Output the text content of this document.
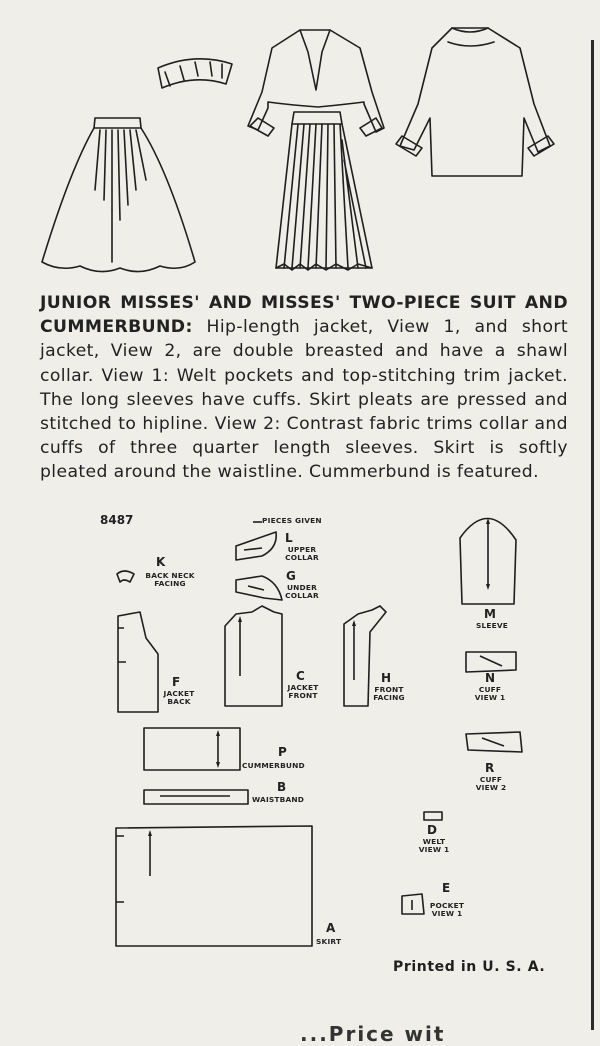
JUNIOR MISSES' AND MISSES' TWO-PIECE SUIT AND CUMMERBUND: Hip-length jacket, View 1, and short jacket, View 2, are double breasted and have a shawl collar. View 1: Welt pockets and top-stitching trim jacket. The long sleeves have cuffs. Skirt pleats are pressed and stitched to hipline. View 2: Contrast fabric trims collar and cuffs of three quarter length sleeves. Skirt is softly pleated around the waistline. Cummerbund is featured.
8487	PIECES GIVEN
K
BACK NECK FACING
L
UPPER COLLAR
G
UNDER COLLAR
M
SLEEVE
F
JACKET BACK
C
JACKET FRONT
H
FRONT FACING
N
CUFF VIEW 1
P
CUMMERBUND	R
CUFF VIEW 2
B
WAISTBAND
D
WELT VIEW 1
E
POCKET VIEW 1
A
SKIRT
Printed in U. S. A.
...Price wit
